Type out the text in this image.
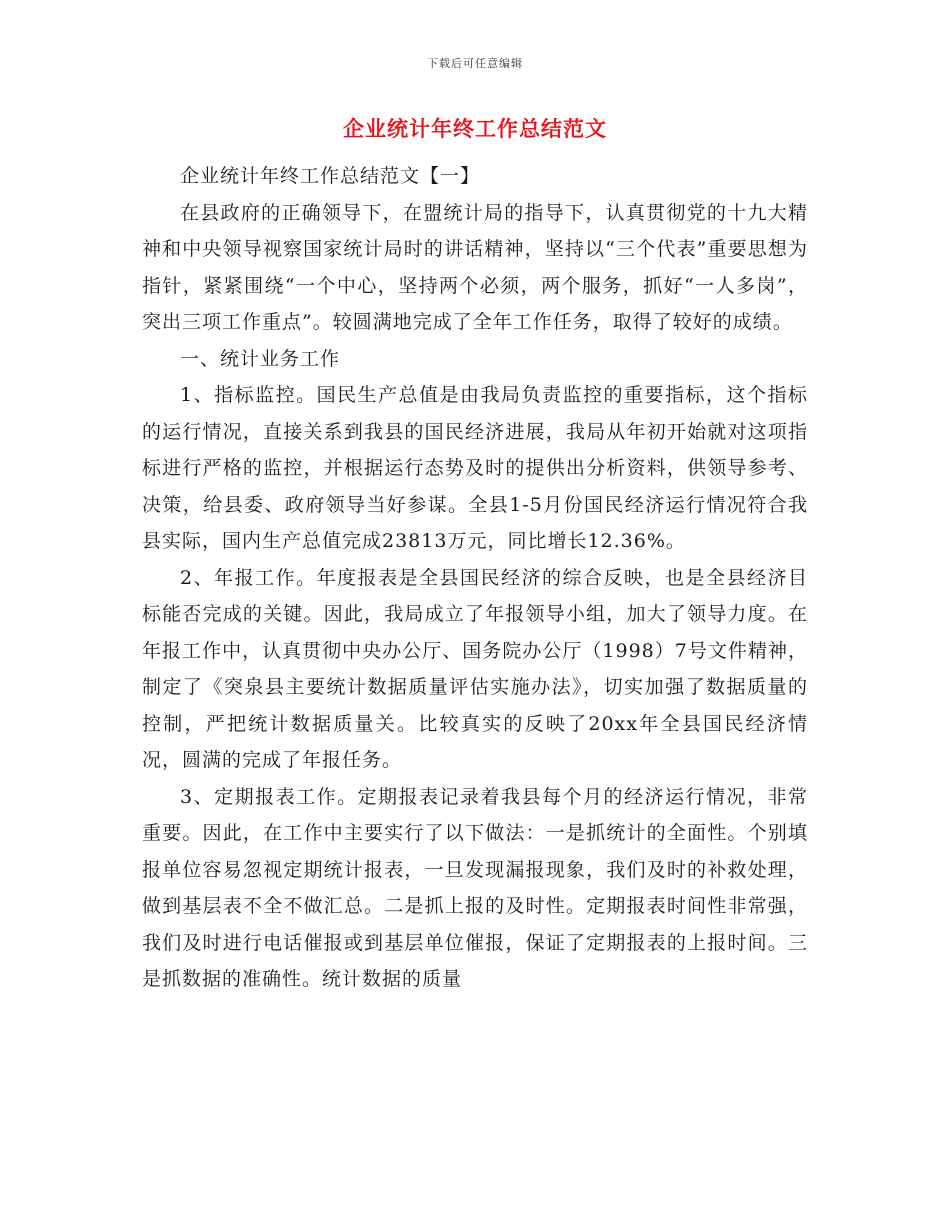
下载后可任意编辑
企业统计年终工作总结范文

企业统计年终工作总结范文【一】

在县政府的正确领导下，在盟统计局的指导下，认真贯彻党的十九大精神和中央领导视察国家统计局时的讲话精神，坚持以“三个代表”重要思想为指针，紧紧围绕“一个中心，坚持两个必须，两个服务，抓好“一人多岗”，突出三项工作重点”。较圆满地完成了全年工作任务，取得了较好的成绩。

一、统计业务工作

1、指标监控。国民生产总值是由我局负责监控的重要指标，这个指标的运行情况，直接关系到我县的国民经济进展，我局从年初开始就对这项指标进行严格的监控，并根据运行态势及时的提供出分析资料，供领导参考、决策，给县委、政府领导当好参谋。全县1-5月份国民经济运行情况符合我县实际，国内生产总值完成23813万元，同比增长12.36%。

2、年报工作。年度报表是全县国民经济的综合反映，也是全县经济目标能否完成的关键。因此，我局成立了年报领导小组，加大了领导力度。在年报工作中，认真贯彻中央办公厅、国务院办公厅（1998）7号文件精神，制定了《突泉县主要统计数据质量评估实施办法》，切实加强了数据质量的控制，严把统计数据质量关。比较真实的反映了20xx年全县国民经济情况，圆满的完成了年报任务。

3、定期报表工作。定期报表记录着我县每个月的经济运行情况，非常重要。因此，在工作中主要实行了以下做法：一是抓统计的全面性。个别填报单位容易忽视定期统计报表，一旦发现漏报现象，我们及时的补救处理，做到基层表不全不做汇总。二是抓上报的及时性。定期报表时间性非常强，我们及时进行电话催报或到基层单位催报，保证了定期报表的上报时间。三是抓数据的准确性。统计数据的质量
